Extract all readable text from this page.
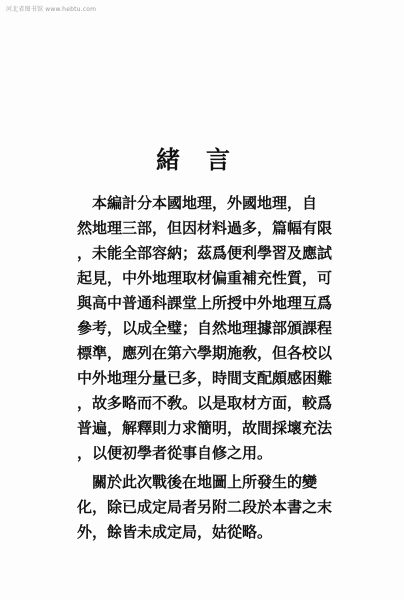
河北省图书馆 www.hebtu.com
緒言
　本編計分本國地理，外國地理，自
然地理三部，但因材料過多，篇幅有限
，未能全部容納；茲爲便利學習及應試
起見，中外地理取材偏重補充性質，可
與高中普通科課堂上所授中外地理互爲
參考，以成全璧；自然地理據部頒課程
標準，應列在第六學期施敎，但各校以
中外地理分量已多，時間支配頗感困難
，故多略而不敎。以是取材方面，較爲
普遍，解釋則力求簡明，故間採壞充法
，以便初學者從事自修之用。
　關於此次戰後在地圖上所發生的變
化，除已成定局者另附二段於本書之末
外，餘皆未成定局，姑從略。
